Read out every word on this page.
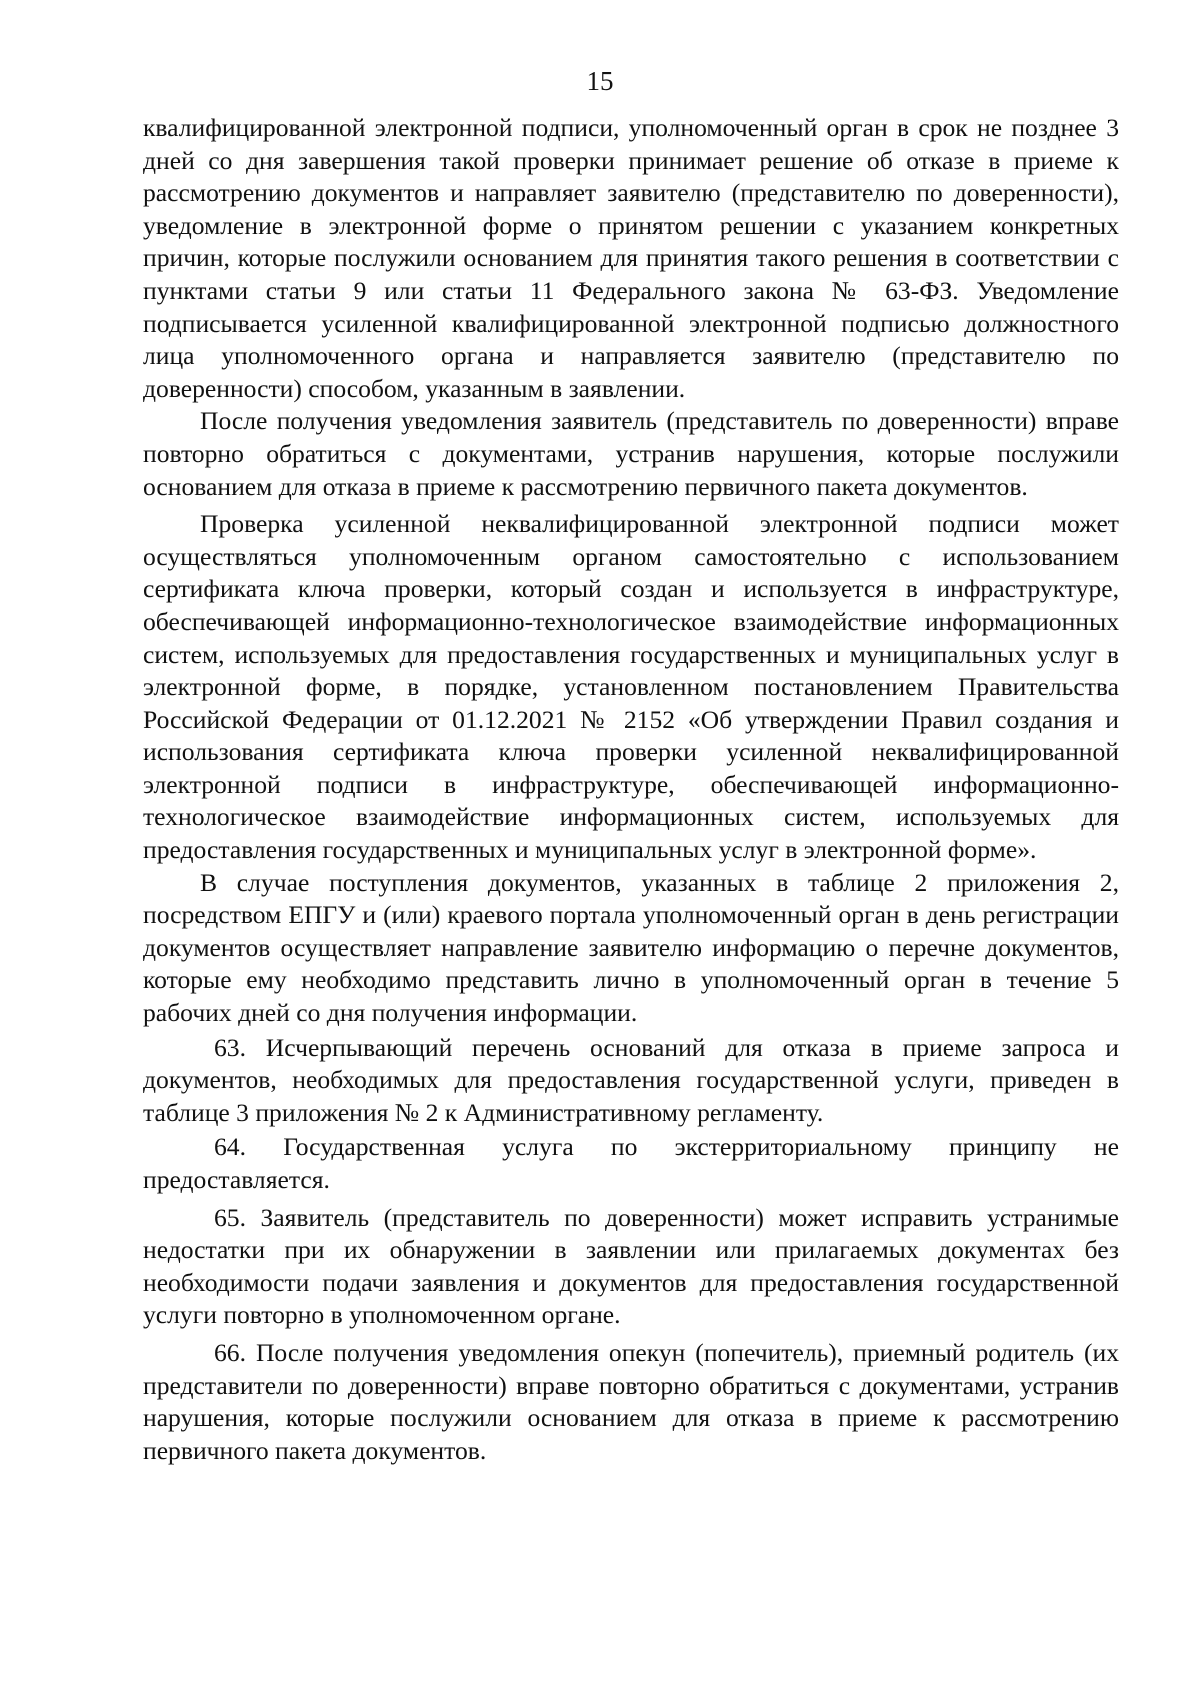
15

квалифицированной электронной подписи, уполномоченный орган в срок не позднее 3 дней со дня завершения такой проверки принимает решение об отказе в приеме к рассмотрению документов и направляет заявителю (представителю по доверенности), уведомление в электронной форме о принятом решении с указанием конкретных причин, которые послужили основанием для принятия такого решения в соответствии с пунктами статьи 9 или статьи 11 Федерального закона № 63-ФЗ. Уведомление подписывается усиленной квалифицированной электронной подписью должностного лица уполномоченного органа и направляется заявителю (представителю по доверенности) способом, указанным в заявлении.

После получения уведомления заявитель (представитель по доверенности) вправе повторно обратиться с документами, устранив нарушения, которые послужили основанием для отказа в приеме к рассмотрению первичного пакета документов.

Проверка усиленной неквалифицированной электронной подписи может осуществляться уполномоченным органом самостоятельно с использованием сертификата ключа проверки, который создан и используется в инфраструктуре, обеспечивающей информационно-технологическое взаимодействие информационных систем, используемых для предоставления государственных и муниципальных услуг в электронной форме, в порядке, установленном постановлением Правительства Российской Федерации от 01.12.2021 № 2152 «Об утверждении Правил создания и использования сертификата ключа проверки усиленной неквалифицированной электронной подписи в инфраструктуре, обеспечивающей информационно-технологическое взаимодействие информационных систем, используемых для предоставления государственных и муниципальных услуг в электронной форме».

В случае поступления документов, указанных в таблице 2 приложения 2, посредством ЕПГУ и (или) краевого портала уполномоченный орган в день регистрации документов осуществляет направление заявителю информацию о перечне документов, которые ему необходимо представить лично в уполномоченный орган в течение 5 рабочих дней со дня получения информации.

63. Исчерпывающий перечень оснований для отказа в приеме запроса и документов, необходимых для предоставления государственной услуги, приведен в таблице 3 приложения № 2 к Административному регламенту.

64. Государственная услуга по экстерриториальному принципу не предоставляется.

65. Заявитель (представитель по доверенности) может исправить устранимые недостатки при их обнаружении в заявлении или прилагаемых документах без необходимости подачи заявления и документов для предоставления государственной услуги повторно в уполномоченном органе.

66. После получения уведомления опекун (попечитель), приемный родитель (их представители по доверенности) вправе повторно обратиться с документами, устранив нарушения, которые послужили основанием для отказа в приеме к рассмотрению первичного пакета документов.
